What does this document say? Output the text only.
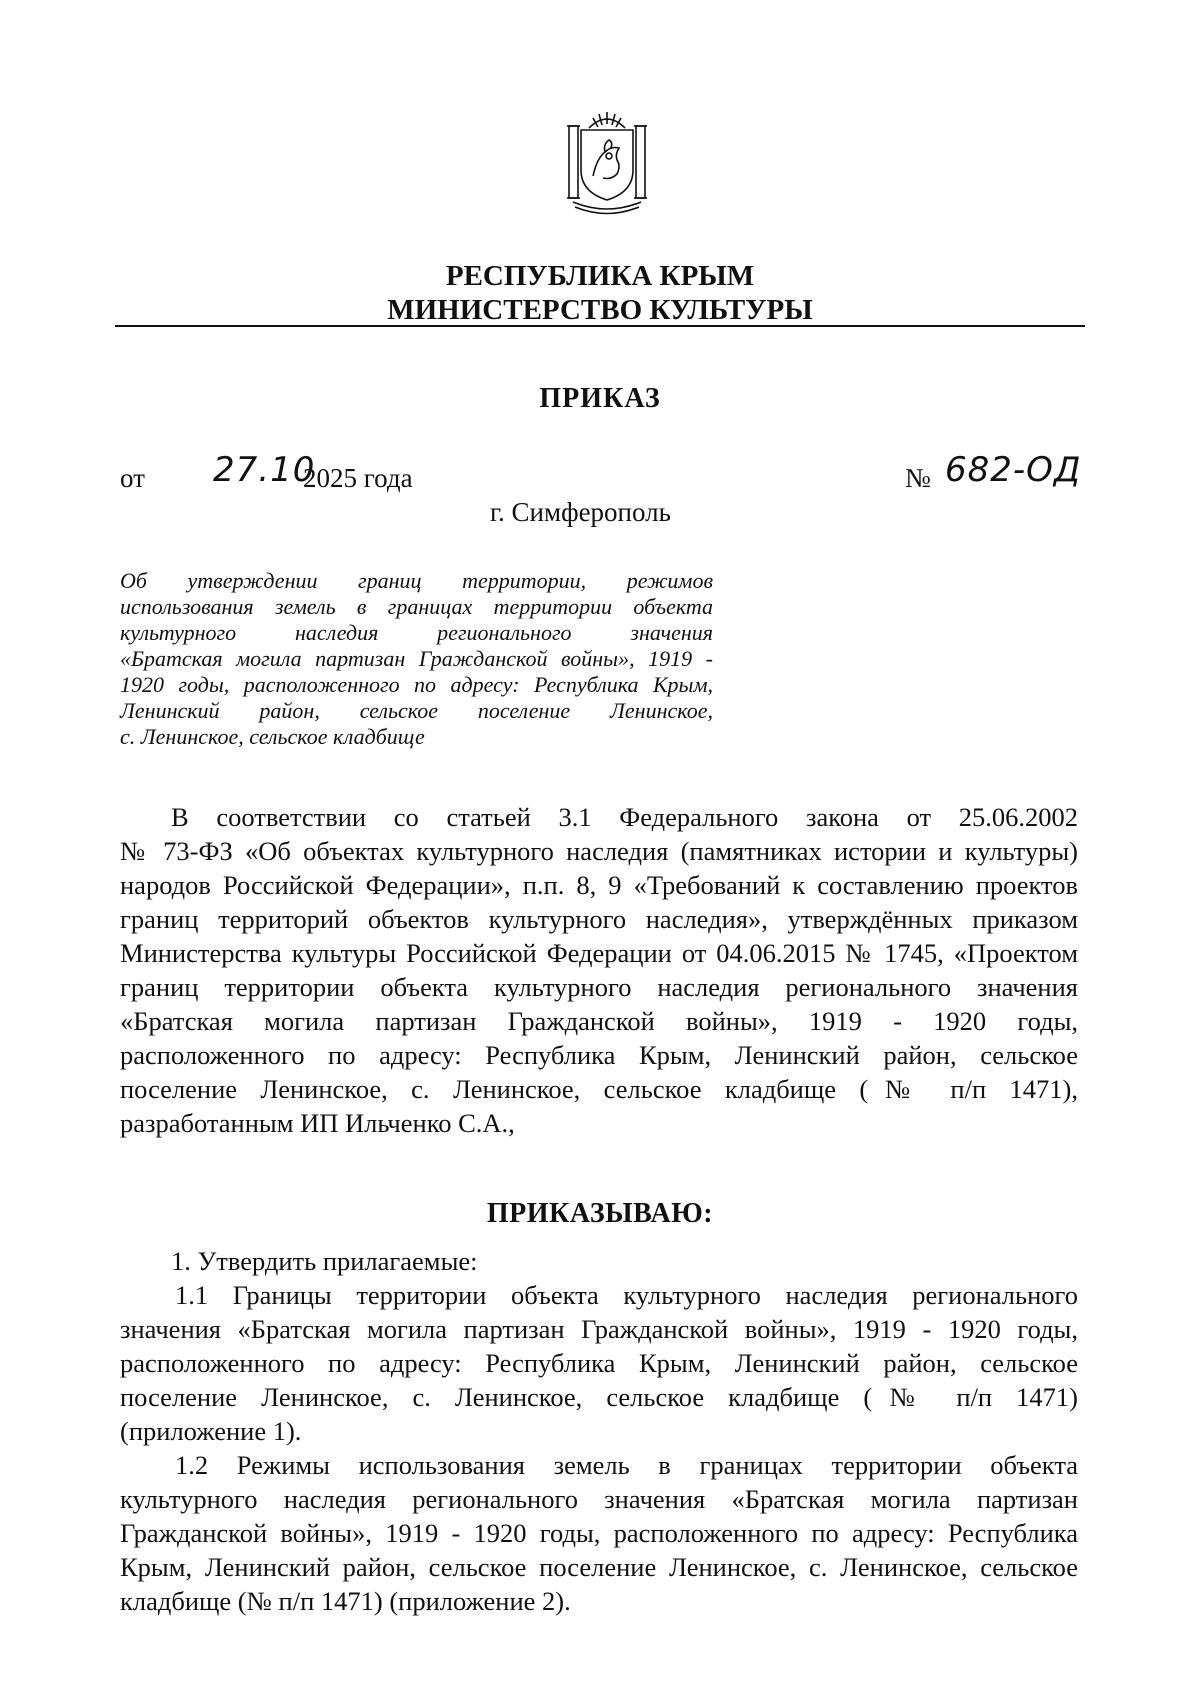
РЕСПУБЛИКА КРЫМ
МИНИСТЕРСТВО КУЛЬТУРЫ
ПРИКАЗ
от 27.10
2025 года	№ 682-ОД
г. Симферополь
Об утверждении границ территории, режимов
использования земель в границах территории объекта
культурного наследия регионального значения
«Братская могила партизан Гражданской войны», 1919 -
1920 годы, расположенного по адресу: Республика Крым,
Ленинский район, сельское поселение Ленинское,
с. Ленинское, сельское кладбище
В соответствии со статьей 3.1 Федерального закона от 25.06.2002
№ 73-ФЗ «Об объектах культурного наследия (памятниках истории и культуры)
народов Российской Федерации», п.п. 8, 9 «Требований к составлению проектов
границ территорий объектов культурного наследия», утверждённых приказом
Министерства культуры Российской Федерации от 04.06.2015 № 1745, «Проектом
границ территории объекта культурного наследия регионального значения
«Братская могила партизан Гражданской войны», 1919 - 1920 годы,
расположенного по адресу: Республика Крым, Ленинский район, сельское
поселение Ленинское, с. Ленинское, сельское кладбище (№ п/п 1471),
разработанным ИП Ильченко С.А.,
ПРИКАЗЫВАЮ:
1. Утвердить прилагаемые:
1.1 Границы территории объекта культурного наследия регионального
значения «Братская могила партизан Гражданской войны», 1919 - 1920 годы,
расположенного по адресу: Республика Крым, Ленинский район, сельское
поселение Ленинское, с. Ленинское, сельское кладбище (№ п/п 1471)
(приложение 1).
1.2 Режимы использования земель в границах территории объекта
культурного наследия регионального значения «Братская могила партизан
Гражданской войны», 1919 - 1920 годы, расположенного по адресу: Республика
Крым, Ленинский район, сельское поселение Ленинское, с. Ленинское, сельское
кладбище (№ п/п 1471) (приложение 2).
